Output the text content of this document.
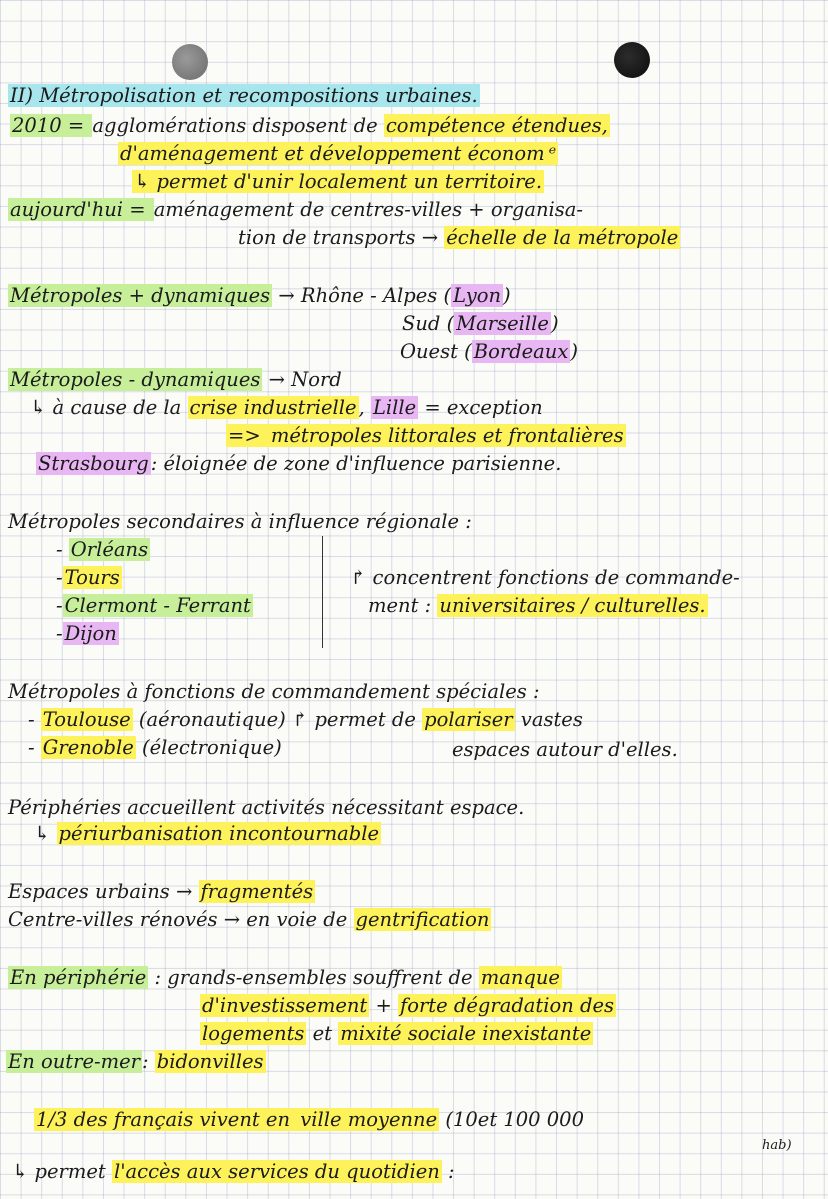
II) Métropolisation et recompositions urbaines.
2010 = agglomérations disposent de compétence étendues,
d'aménagement et développement économ ᵉ
↳ permet d'unir localement un territoire.
aujourd'hui = aménagement de centres-villes + organisa-
tion de transports → échelle de la métropole
Métropoles + dynamiques → Rhône - Alpes ( Lyon )
Sud ( Marseille )
Ouest ( Bordeaux )
Métropoles - dynamiques → Nord
↳ à cause de la crise industrielle , Lille = exception
=> métropoles littorales et frontalières
Strasbourg : éloignée de zone d'influence parisienne.
Métropoles secondaires à influence régionale :
- Orléans
- Tours
- Clermont - Ferrant
- Dijon
↱ concentrent fonctions de commande-
ment : universitaires / culturelles.
Métropoles à fonctions de commandement spéciales :
- Toulouse (aéronautique) ↱ permet de polariser vastes
- Grenoble (électronique)	espaces autour d'elles.
Périphéries accueillent activités nécessitant espace.
↳ périurbanisation incontournable
Espaces urbains → fragmentés
Centre-villes rénovés → en voie de gentrification
En périphérie : grands-ensembles souffrent de manque
d'investissement + forte dégradation des
logements et mixité sociale inexistante
En outre-mer : bidonvilles
1/3 des français vivent en ville moyenne (10et 100 000
hab)
↳ permet l'accès aux services du quotidien :
